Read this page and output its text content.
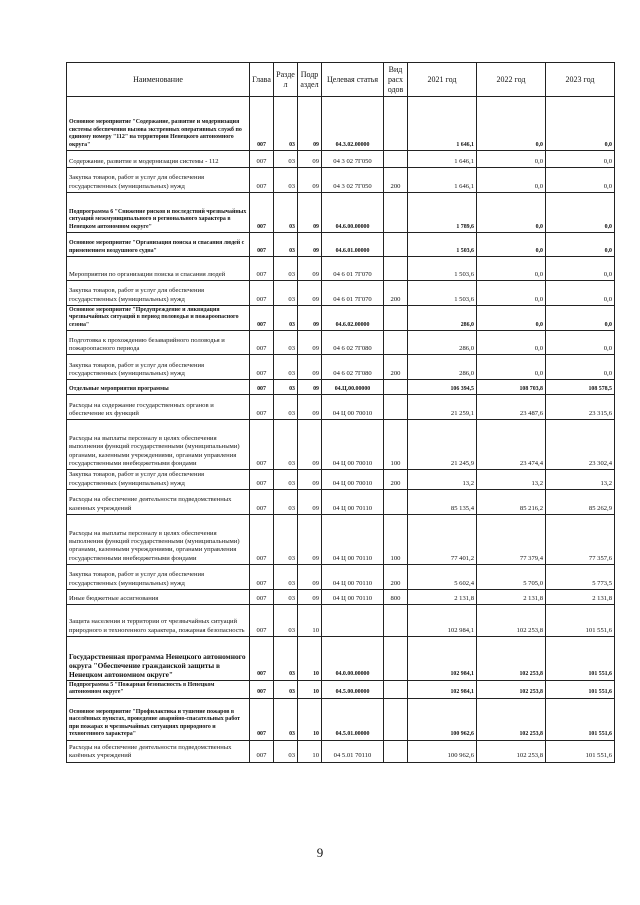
Наименование	Глава	Разде л	Подр аздел	Целевая статья	Вид расх одов	2021 год	2022 год	2023 год
Основное мероприятие "Содержание, развитие и модернизация системы обеспечения вызова экстренных оперативных служб по единому номеру "112" на территории Ненецкого автономного округа"	007	03	09	04.3.02.00000		1 646,1	0,0	0,0
Содержание, развитие и модернизация системы - 112	007	03	09	04 3 02 7Г050		1 646,1	0,0	0,0
Закупка товаров, работ и услуг для обеспечения государственных (муниципальных) нужд	007	03	09	04 3 02 7Г050	200	1 646,1	0,0	0,0
Подпрограмма 6 "Снижение рисков и последствий чрезвычайных ситуаций межмуниципального и регионального характера в Ненецком автономном округе"	007	03	09	04.6.00.00000		1 789,6	0,0	0,0
Основное мероприятие "Организация поиска и спасания людей с применением воздушного судна"	007	03	09	04.6.01.00000		1 503,6	0,0	0,0
Мероприятия по организации поиска и спасания людей	007	03	09	04 6 01 7Г070		1 503,6	0,0	0,0
Закупка товаров, работ и услуг для обеспечения государственных (муниципальных) нужд	007	03	09	04 6 01 7Г070	200	1 503,6	0,0	0,0
Основное мероприятие "Предупреждение и ликвидация чрезвычайных ситуаций в период половодья и пожароопасного сезона"	007	03	09	04.6.02.00000		286,0	0,0	0,0
Подготовка к прохождению безаварийного половодья и пожароопасного периода	007	03	09	04 6 02 7Г080		286,0	0,0	0,0
Закупка товаров, работ и услуг для обеспечения государственных (муниципальных) нужд	007	03	09	04 6 02 7Г080	200	286,0	0,0	0,0
Отдельные мероприятия программы	007	03	09	04.Ц.00.00000		106 394,5	108 703,8	108 578,5
Расходы на содержание государственных органов и обеспечение их функций	007	03	09	04 Ц 00 70010		21 259,1	23 487,6	23 315,6
Расходы на выплаты персоналу в целях обеспечения выполнения функций государственными (муниципальными) органами, казенными учреждениями, органами управления государственными внебюджетными фондами	007	03	09	04 Ц 00 70010	100	21 245,9	23 474,4	23 302,4
Закупка товаров, работ и услуг для обеспечения государственных (муниципальных) нужд	007	03	09	04 Ц 00 70010	200	13,2	13,2	13,2
Расходы на обеспечение деятельности подведомственных казенных учреждений	007	03	09	04 Ц 00 70110		85 135,4	85 216,2	85 262,9
Расходы на выплаты персоналу в целях обеспечения выполнения функций государственными (муниципальными) органами, казенными учреждениями, органами управления государственными внебюджетными фондами	007	03	09	04 Ц 00 70110	100	77 401,2	77 379,4	77 357,6
Закупка товаров, работ и услуг для обеспечения государственных (муниципальных) нужд	007	03	09	04 Ц 00 70110	200	5 602,4	5 705,0	5 773,5
Иные бюджетные ассигнования	007	03	09	04 Ц 00 70110	800	2 131,8	2 131,8	2 131,8
Защита населения и территории от чрезвычайных ситуаций природного и техногенного характера, пожарная безопасность	007	03	10			102 984,1	102 253,8	101 551,6
Государственная программа Ненецкого автономного округа "Обеспечение гражданской защиты в Ненецком автономном округе"	007	03	10	04.0.00.00000		102 984,1	102 253,8	101 551,6
Подпрограмма 5 "Пожарная безопасность в Ненецком автономном округе"	007	03	10	04.5.00.00000		102 984,1	102 253,8	101 551,6
Основное мероприятие "Профилактика и тушение пожаров в населённых пунктах, проведение аварийно-спасательных работ при пожарах и чрезвычайных ситуациях природного и техногенного характера"	007	03	10	04.5.01.00000		100 962,6	102 253,8	101 551,6
Расходы на обеспечение деятельности подведомственных казённых учреждений	007	03	10	04 5.01 70110		100 962,6	102 253,8	101 551,6
9
